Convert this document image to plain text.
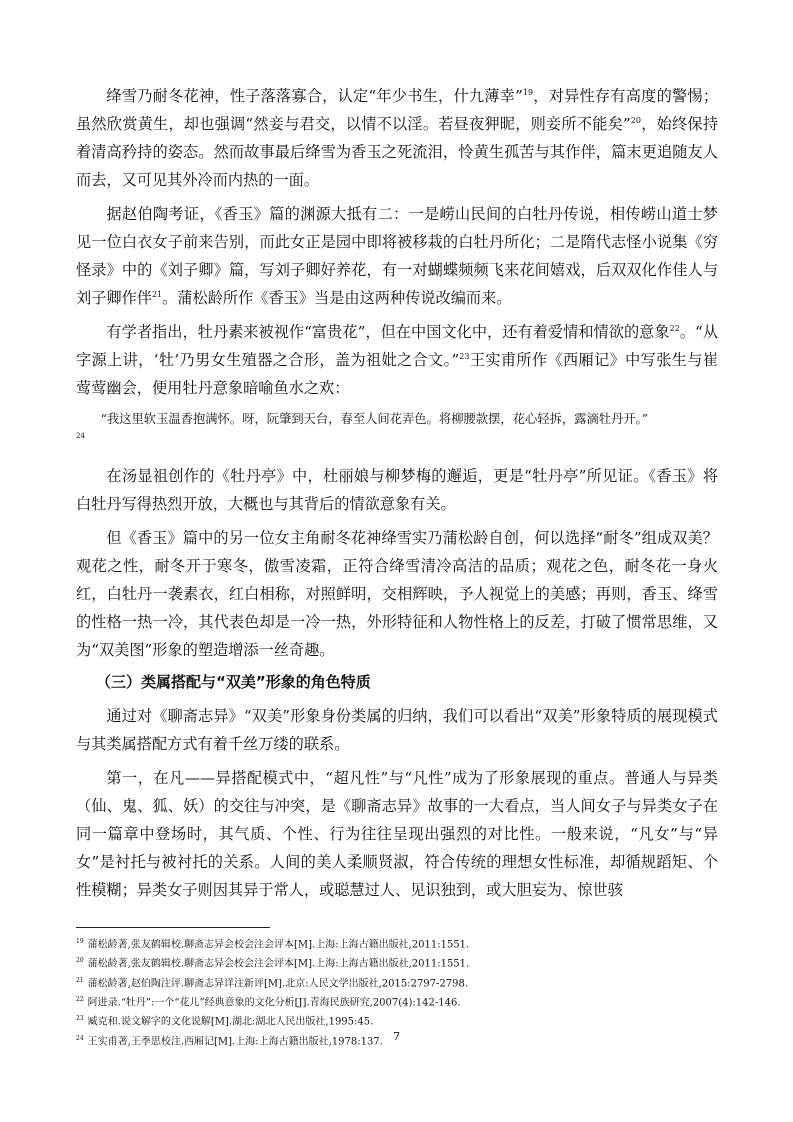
绛雪乃耐冬花神，性子落落寡合，认定“年少书生，什九薄幸”$^{19}$，对异性存有高度的警惕；虽然欣赏黄生，却也强调“然妾与君交，以情不以淫。若昼夜狎昵，则妾所不能矣”$^{20}$，始终保持着清高矜持的姿态。然而故事最后绛雪为香玉之死流泪，怜黄生孤苦与其作伴，篇末更追随友人而去，又可见其外冷而内热的一面。

据赵伯陶考证，《香玉》篇的渊源大抵有二：一是崂山民间的白牡丹传说，相传崂山道士梦见一位白衣女子前来告别，而此女正是园中即将被移栽的白牡丹所化；二是隋代志怪小说集《穷怪录》中的《刘子卿》篇，写刘子卿好养花，有一对蝴蝶频频飞来花间嬉戏，后双双化作佳人与刘子卿作伴$^{21}$。蒲松龄所作《香玉》当是由这两种传说改编而来。

有学者指出，牡丹素来被视作“富贵花”，但在中国文化中，还有着爱情和情欲的意象$^{22}$。“从字源上讲，‘牡’乃男女生殖器之合形，盖为祖妣之合文。”$^{23}$王实甫所作《西厢记》中写张生与崔莺莺幽会，便用牡丹意象暗喻鱼水之欢：

“我这里软玉温香抱满怀。呀，阮肇到天台，春至人间花弄色。将柳腰款摆，花心轻拆，露滴牡丹开。”

24

在汤显祖创作的《牡丹亭》中，杜丽娘与柳梦梅的邂逅，更是“牡丹亭”所见证。《香玉》将白牡丹写得热烈开放，大概也与其背后的情欲意象有关。

但《香玉》篇中的另一位女主角耐冬花神绛雪实乃蒲松龄自创，何以选择“耐冬”组成双美？观花之性，耐冬开于寒冬，傲雪凌霜，正符合绛雪清冷高洁的品质；观花之色，耐冬花一身火红，白牡丹一袭素衣，红白相称，对照鲜明，交相辉映，予人视觉上的美感；再则，香玉、绛雪的性格一热一冷，其代表色却是一冷一热，外形特征和人物性格上的反差，打破了惯常思维，又为“双美图”形象的塑造增添一丝奇趣。

（三）类属搭配与“双美”形象的角色特质

通过对《聊斋志异》“双美”形象身份类属的归纳，我们可以看出“双美”形象特质的展现模式与其类属搭配方式有着千丝万缕的联系。

第一，在凡——异搭配模式中，“超凡性”与“凡性”成为了形象展现的重点。普通人与异类（仙、鬼、狐、妖）的交往与冲突，是《聊斋志异》故事的一大看点，当人间女子与异类女子在同一篇章中登场时，其气质、个性、行为往往呈现出强烈的对比性。一般来说，“凡女”与“异女”是衬托与被衬托的关系。人间的美人柔顺贤淑，符合传统的理想女性标准，却循规蹈矩、个性模糊；异类女子则因其异于常人，或聪慧过人、见识独到，或大胆妄为、惊世骇

$^{19}$ 蒲松龄著,张友鹤辑校.聊斋志异会校会注会评本[M].上海:上海古籍出版社,2011:1551.

$^{20}$ 蒲松龄著,张友鹤辑校.聊斋志异会校会注会评本[M].上海:上海古籍出版社,2011:1551.

$^{21}$ 蒲松龄著,赵伯陶注评.聊斋志异详注新评[M].北京:人民文学出版社,2015:2797-2798.

$^{22}$ 阿进录.“牡丹”:一个“花儿”经典意象的文化分析[J].青海民族研究,2007(4):142-146.

$^{23}$ 臧克和.说文解字的文化说解[M].湖北:湖北人民出版社,1995:45.

$^{24}$ 王实甫著,王季思校注.西厢记[M].上海:上海古籍出版社,1978:137. 7
